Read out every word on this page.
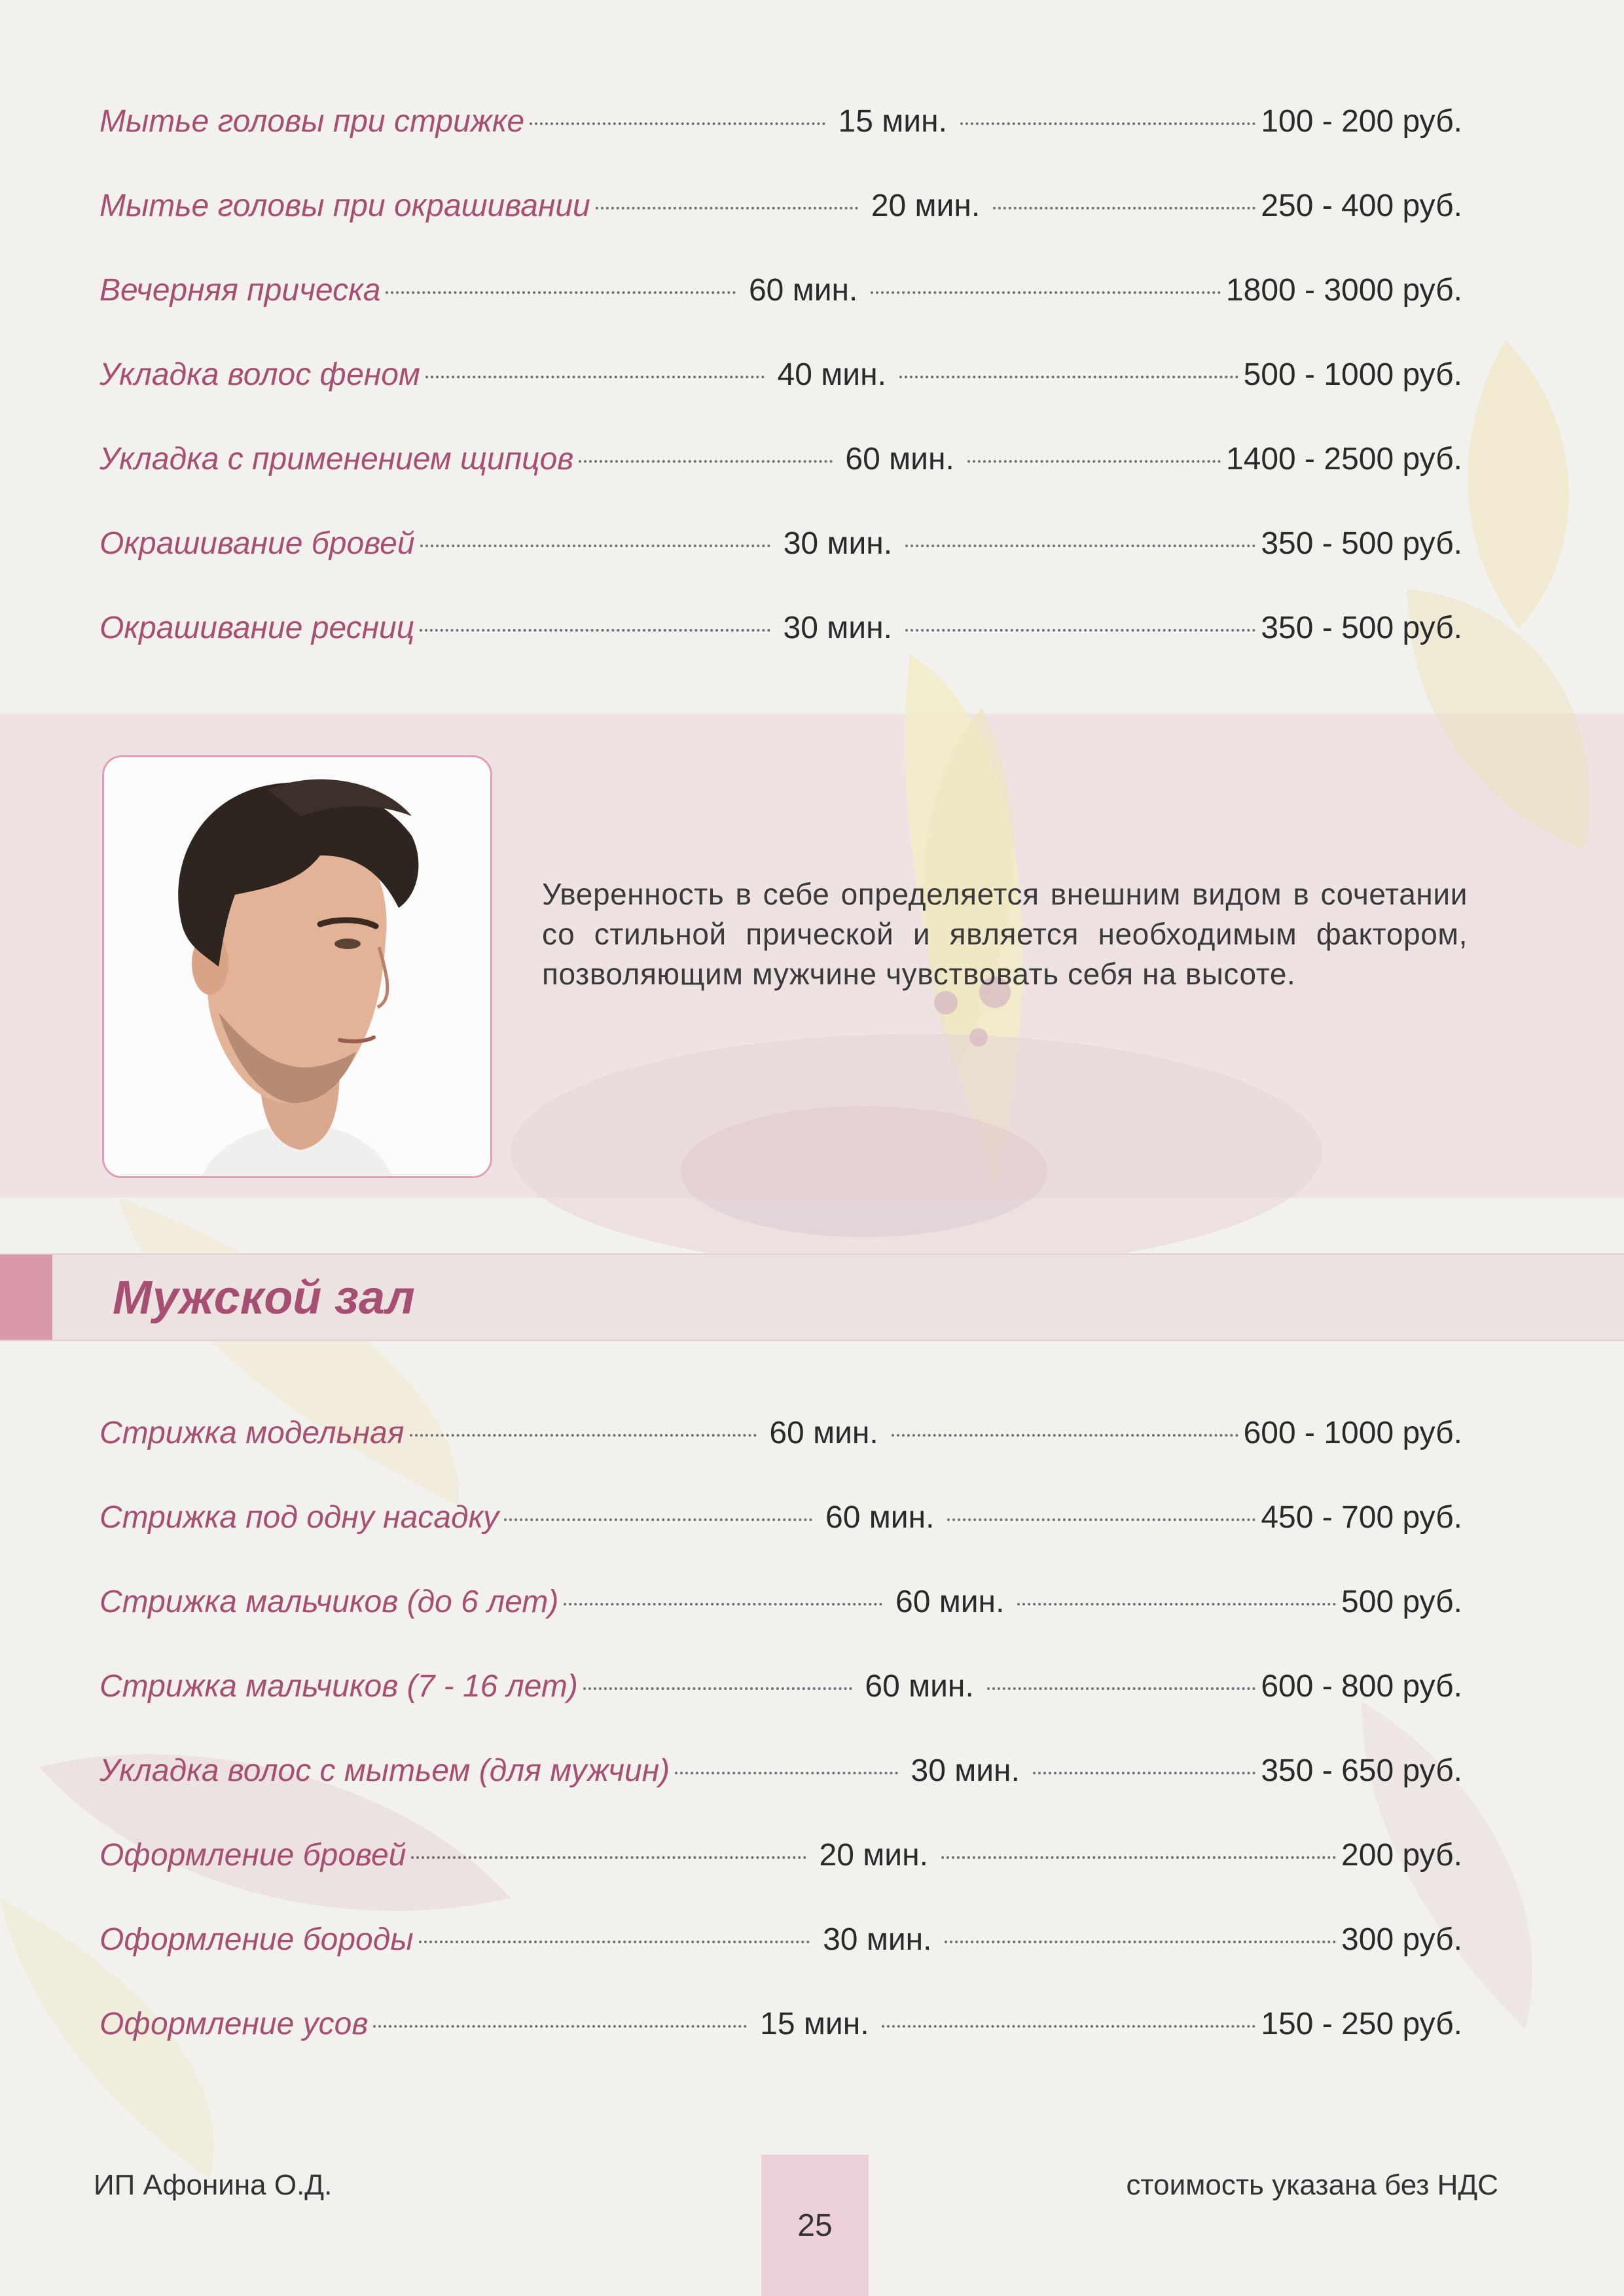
Мытье головы при стрижке	15 мин.	100 - 200 руб.
Мытье головы при окрашивании	20 мин.	250 - 400 руб.
Вечерняя прическа	60 мин.	1800 - 3000 руб.
Укладка волос феном	40 мин.	500 - 1000 руб.
Укладка с применением щипцов	60 мин.	1400 - 2500 руб.
Окрашивание бровей	30 мин.	350 - 500 руб.
Окрашивание ресниц	30 мин.	350 - 500 руб.
Уверенность в себе определяется внешним видом в сочетании со стильной прической и является необходимым фактором, позволяющим мужчине чувствовать себя на высоте.
Мужской зал
Стрижка модельная	60 мин.	600 - 1000 руб.
Стрижка под одну насадку	60 мин.	450 - 700 руб.
Стрижка мальчиков (до 6 лет)	60 мин.	500 руб.
Стрижка мальчиков (7 - 16 лет)	60 мин.	600 - 800 руб.
Укладка волос с мытьем (для мужчин)	30 мин.	350 - 650 руб.
Оформление бровей	20 мин.	200 руб.
Оформление бороды	30 мин.	300 руб.
Оформление усов	15 мин.	150 - 250 руб.
ИП Афонина О.Д.
25
стоимость указана без НДС
